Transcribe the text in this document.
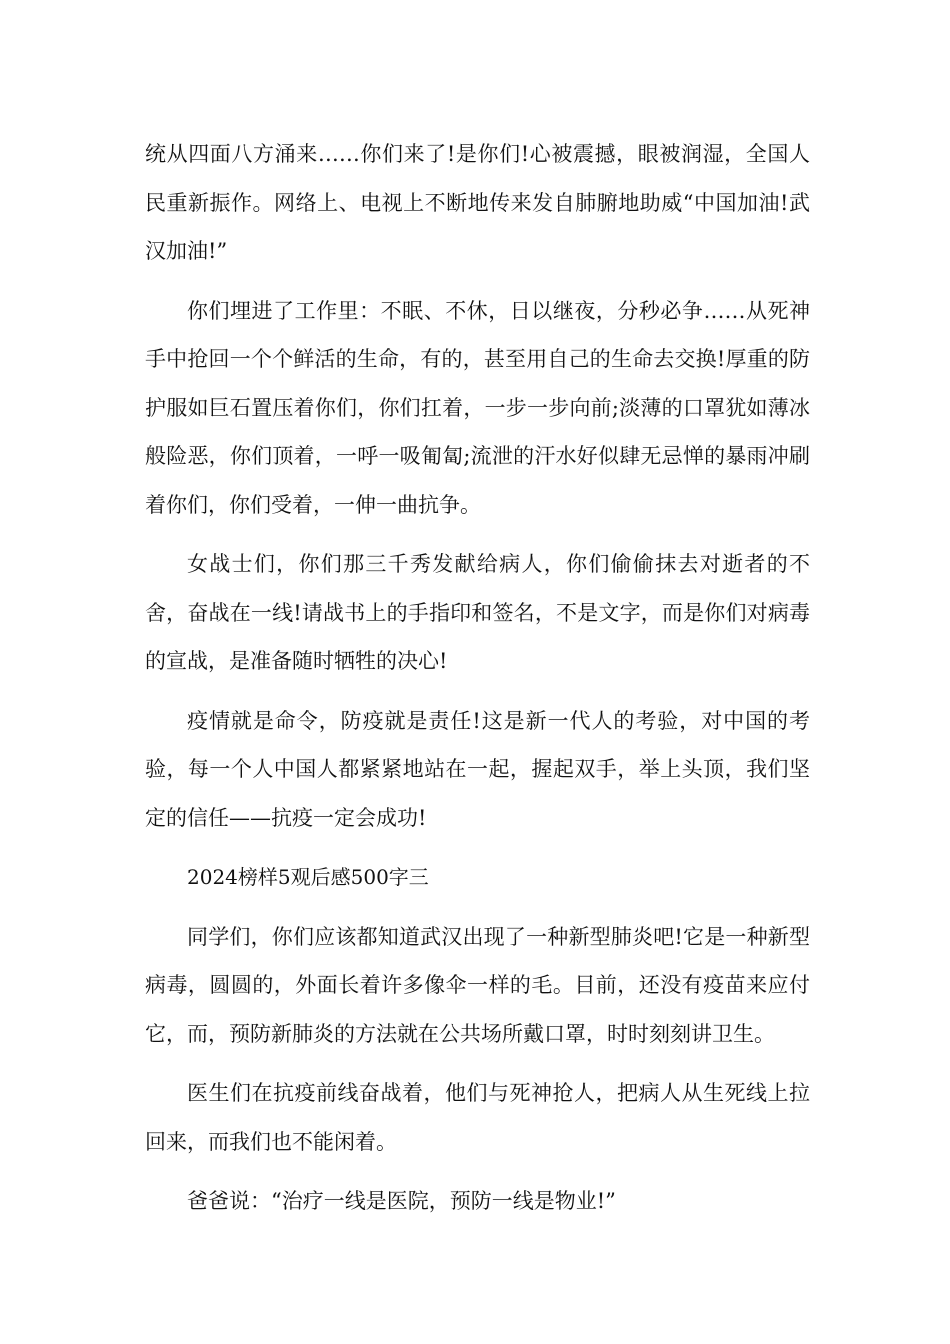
统从四面八方涌来……你们来了!是你们!心被震撼，眼被润湿，全国人民重新振作。网络上、电视上不断地传来发自肺腑地助威“中国加油!武汉加油!”

你们埋进了工作里：不眠、不休，日以继夜，分秒必争……从死神手中抢回一个个鲜活的生命，有的，甚至用自己的生命去交换!厚重的防护服如巨石置压着你们，你们扛着，一步一步向前;淡薄的口罩犹如薄冰般险恶，你们顶着，一呼一吸匍匐;流泄的汗水好似肆无忌惮的暴雨冲刷着你们，你们受着，一伸一曲抗争。

女战士们，你们那三千秀发献给病人，你们偷偷抹去对逝者的不舍，奋战在一线!请战书上的手指印和签名，不是文字，而是你们对病毒的宣战，是准备随时牺牲的决心!

疫情就是命令，防疫就是责任!这是新一代人的考验，对中国的考验，每一个人中国人都紧紧地站在一起，握起双手，举上头顶，我们坚定的信任——抗疫一定会成功!

2024榜样5观后感500字三

同学们，你们应该都知道武汉出现了一种新型肺炎吧!它是一种新型病毒，圆圆的，外面长着许多像伞一样的毛。目前，还没有疫苗来应付它，而，预防新肺炎的方法就在公共场所戴口罩，时时刻刻讲卫生。

医生们在抗疫前线奋战着，他们与死神抢人，把病人从生死线上拉回来，而我们也不能闲着。

爸爸说：“治疗一线是医院，预防一线是物业!”
